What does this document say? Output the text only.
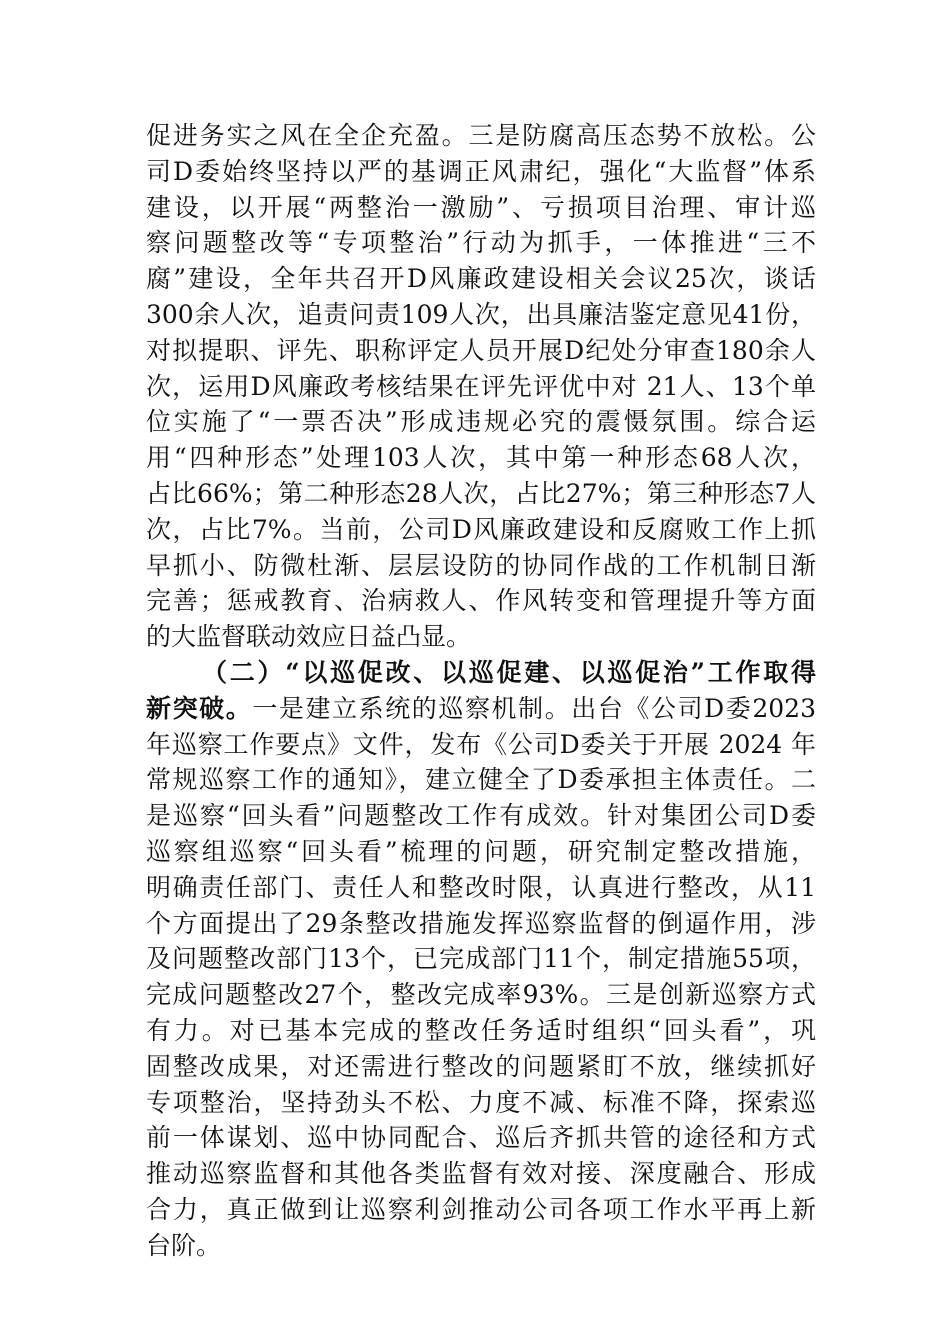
促进务实之风在全企充盈。三是防腐高压态势不放松。公
司D委始终坚持以严的基调正风肃纪，强化“大监督”体系
建设，以开展“两整治一激励”、亏损项目治理、审计巡
察问题整改等“专项整治”行动为抓手，一体推进“三不
腐”建设，全年共召开D风廉政建设相关会议25次，谈话
300余人次，追责问责109人次，出具廉洁鉴定意见41份，
对拟提职、评先、职称评定人员开展D纪处分审查180余人
次，运用D风廉政考核结果在评先评优中对 21人、13个单
位实施了“一票否决”形成违规必究的震慑氛围。综合运
用“四种形态”处理103人次，其中第一种形态68人次，
占比66%；第二种形态28人次，占比27%；第三种形态7人
次，占比7%。当前，公司D风廉政建设和反腐败工作上抓
早抓小、防微杜渐、层层设防的协同作战的工作机制日渐
完善；惩戒教育、治病救人、作风转变和管理提升等方面
的大监督联动效应日益凸显。
（二）“以巡促改、以巡促建、以巡促治”工作取得
新突破。一是建立系统的巡察机制。出台《公司D委2023
年巡察工作要点》文件，发布《公司D委关于开展 2024 年
常规巡察工作的通知》，建立健全了D委承担主体责任。二
是巡察“回头看”问题整改工作有成效。针对集团公司D委
巡察组巡察“回头看”梳理的问题，研究制定整改措施，
明确责任部门、责任人和整改时限，认真进行整改，从11
个方面提出了29条整改措施发挥巡察监督的倒逼作用，涉
及问题整改部门13个，已完成部门11个，制定措施55项，
完成问题整改27个，整改完成率93%。三是创新巡察方式
有力。对已基本完成的整改任务适时组织“回头看”，巩
固整改成果，对还需进行整改的问题紧盯不放，继续抓好
专项整治，坚持劲头不松、力度不减、标准不降，探索巡
前一体谋划、巡中协同配合、巡后齐抓共管的途径和方式
推动巡察监督和其他各类监督有效对接、深度融合、形成
合力，真正做到让巡察利剑推动公司各项工作水平再上新
台阶。
